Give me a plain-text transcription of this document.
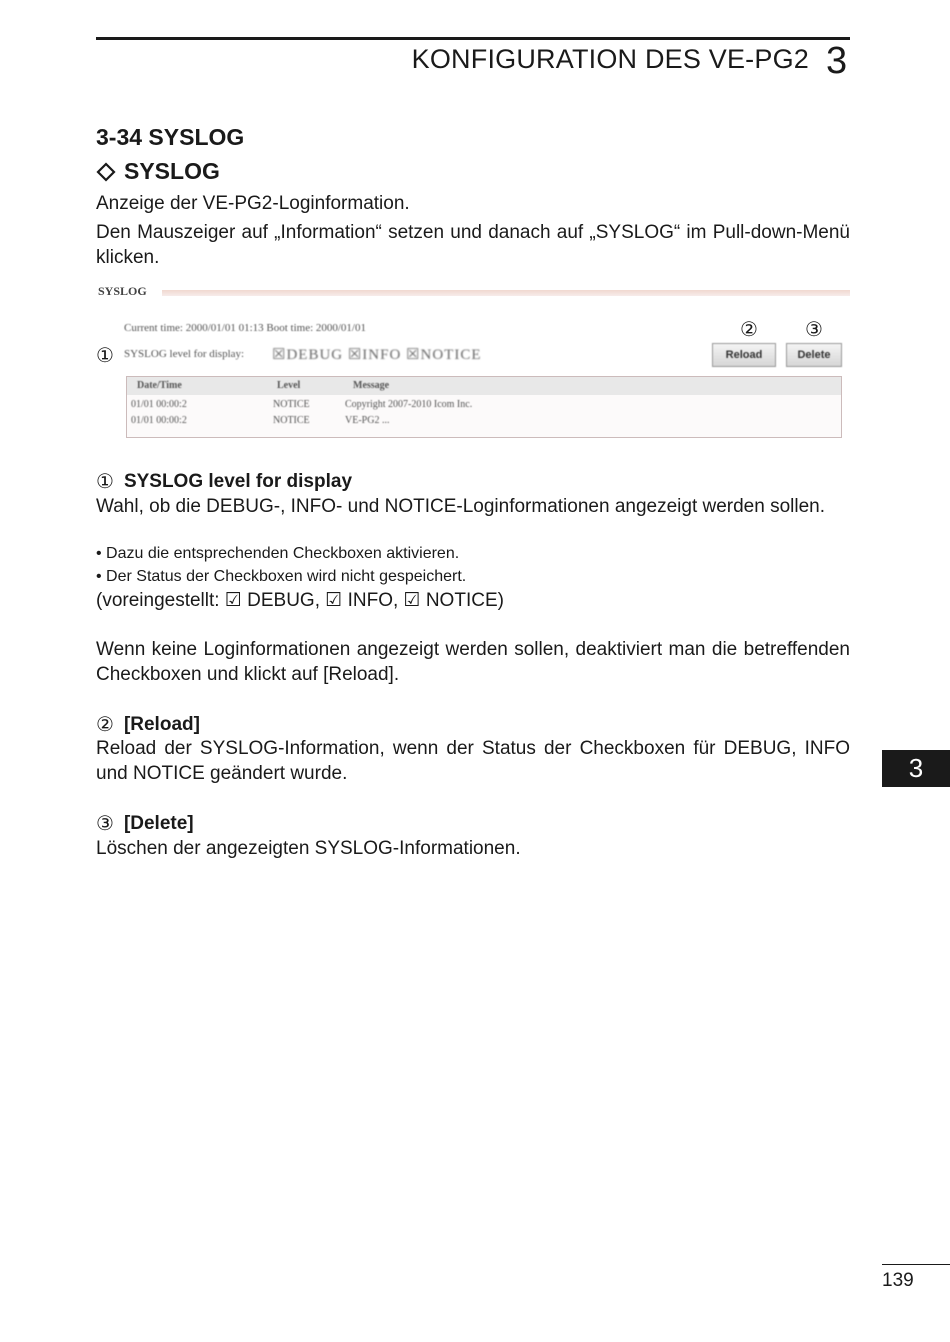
KONFIGURATION DES VE-PG2 3
3-34 SYSLOG
SYSLOG
Anzeige der VE-PG2-Loginformation.
Den Mauszeiger auf „Information“ setzen und danach auf „SYSLOG“ im Pull-down-Menü klicken.
SYSLOG
Current time: 2000/01/01 01:13 Boot time: 2000/01/01
①
② ③
SYSLOG level for display: ☒DEBUG ☒INFO ☒NOTICE	Reload	Delete
Date/Time	Level	Message
01/01 00:00:2	NOTICE	Copyright 2007-2010 Icom Inc.
01/01 00:00:2	NOTICE	VE-PG2 ...
① SYSLOG level for display
Wahl, ob die DEBUG-, INFO- und NOTICE-Loginformationen angezeigt werden sollen.
• Dazu die entsprechenden Checkboxen aktivieren.
• Der Status der Checkboxen wird nicht gespeichert.
(voreingestellt: ☑ DEBUG, ☑ INFO, ☑ NOTICE)
Wenn keine Loginformationen angezeigt werden sollen, deaktiviert man die betreffenden Checkboxen und klickt auf [Reload].
② [Reload]
Reload der SYSLOG-Information, wenn der Status der Checkboxen für DEBUG, INFO und NOTICE geändert wurde.
③ [Delete]
Löschen der angezeigten SYSLOG-Informationen.
3
139
